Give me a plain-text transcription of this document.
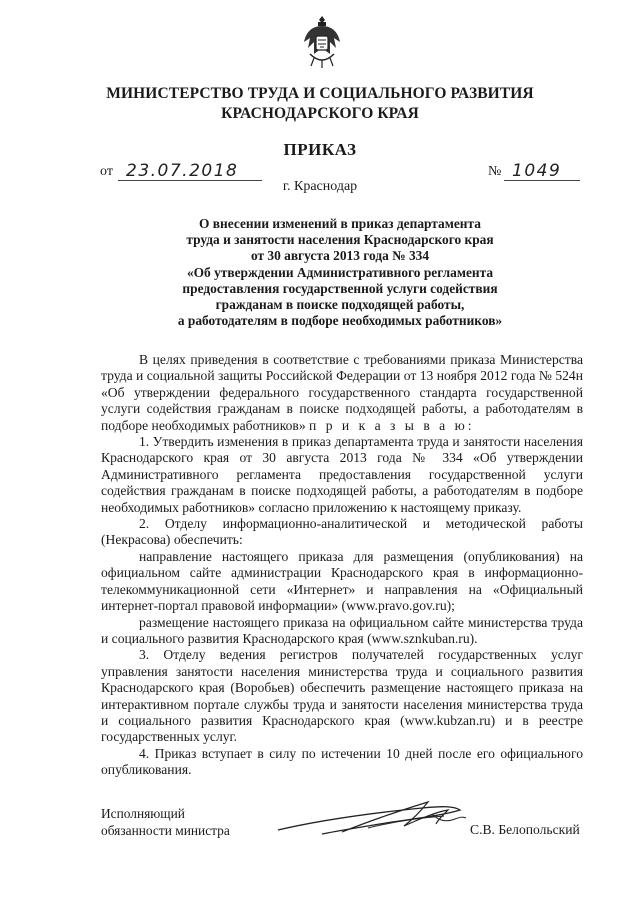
МИНИСТЕРСТВО ТРУДА И СОЦИАЛЬНОГО РАЗВИТИЯ
КРАСНОДАРСКОГО КРАЯ
ПРИКАЗ
от 23.07.2018	№ 1049
г. Краснодар
О внесении изменений в приказ департамента
труда и занятости населения Краснодарского края
от 30 августа 2013 года № 334
«Об утверждении Административного регламента
предоставления государственной услуги содействия
гражданам в поиске подходящей работы,
а работодателям в подборе необходимых работников»

В целях приведения в соответствие с требованиями приказа Министерства труда и социальной защиты Российской Федерации от 13 ноября 2012 года № 524н «Об утверждении федерального государственного стандарта государственной услуги содействия гражданам в поиске подходящей работы, а работодателям в подборе необходимых работников» п р и к а з ы в а ю:

1. Утвердить изменения в приказ департамента труда и занятости населения Краснодарского края от 30 августа 2013 года № 334 «Об утверждении Административного регламента предоставления государственной услуги содействия гражданам в поиске подходящей работы, а работодателям в подборе необходимых работников» согласно приложению к настоящему приказу.

2. Отделу информационно-аналитической и методической работы (Некрасова) обеспечить:

направление настоящего приказа для размещения (опубликования) на официальном сайте администрации Краснодарского края в информационно-телекоммуникационной сети «Интернет» и направления на «Официальный интернет-портал правовой информации» (www.pravo.gov.ru);

размещение настоящего приказа на официальном сайте министерства труда и социального развития Краснодарского края (www.sznkuban.ru).

3. Отделу ведения регистров получателей государственных услуг управления занятости населения министерства труда и социального развития Краснодарского края (Воробьев) обеспечить размещение настоящего приказа на интерактивном портале службы труда и занятости населения министерства труда и социального развития Краснодарского края (www.kubzan.ru) и в реестре государственных услуг.

4. Приказ вступает в силу по истечении 10 дней после его официального опубликования.

Исполняющий
обязанности министра	С.В. Белопольский
